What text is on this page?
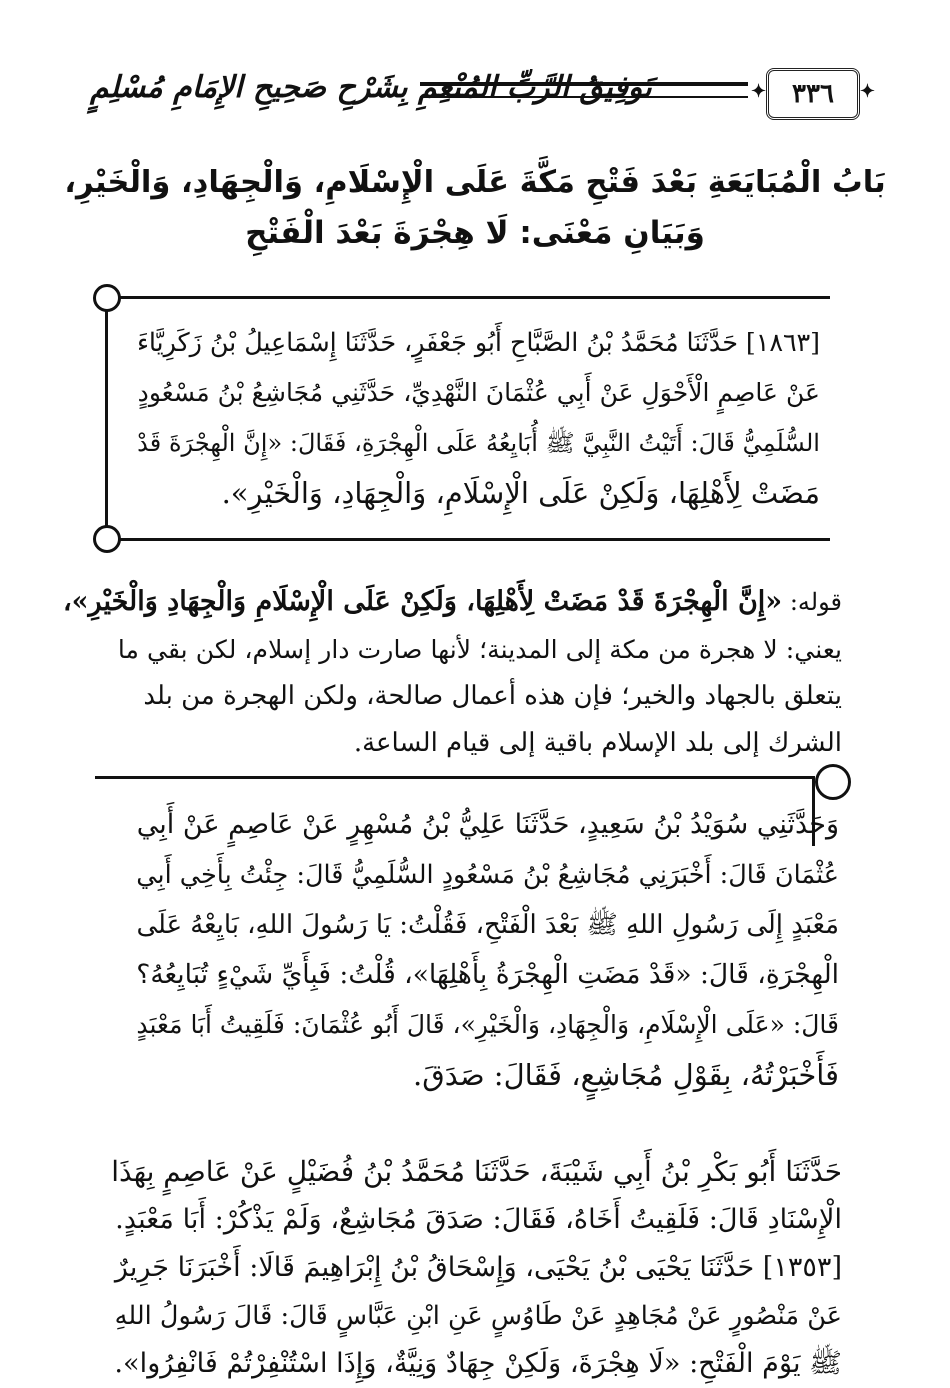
✦ ٣٣٦ ✦
تَوفِيقُ الرَّبِّ المُنْعِمِ بِشَرْحِ صَحِيحِ الإِمَامِ مُسْلِمٍ
بَابُ الْمُبَايَعَةِ بَعْدَ فَتْحِ مَكَّةَ عَلَى الْإِسْلَامِ، وَالْجِهَادِ، وَالْخَيْرِ،
وَبَيَانِ مَعْنَى: لَا هِجْرَةَ بَعْدَ الْفَتْحِ
[١٨٦٣] حَدَّثَنَا مُحَمَّدُ بْنُ الصَّبَّاحِ أَبُو جَعْفَرٍ، حَدَّثَنَا إِسْمَاعِيلُ بْنُ زَكَرِيَّاءَ
عَنْ عَاصِمٍ الْأَحْوَلِ عَنْ أَبِي عُثْمَانَ النَّهْدِيِّ، حَدَّثَنِي مُجَاشِعُ بْنُ مَسْعُودٍ
السُّلَمِيُّ قَالَ: أَتَيْتُ النَّبِيَّ ﷺ أُبَايِعُهُ عَلَى الْهِجْرَةِ، فَقَالَ: «إِنَّ الْهِجْرَةَ قَدْ
مَضَتْ لِأَهْلِهَا، وَلَكِنْ عَلَى الْإِسْلَامِ، وَالْجِهَادِ، وَالْخَيْرِ».
قوله: «إِنَّ الْهِجْرَةَ قَدْ مَضَتْ لِأَهْلِهَا، وَلَكِنْ عَلَى الْإِسْلَامِ وَالْجِهَادِ وَالْخَيْرِ»،
يعني: لا هجرة من مكة إلى المدينة؛ لأنها صارت دار إسلام، لكن بقي ما
يتعلق بالجهاد والخير؛ فإن هذه أعمال صالحة، ولكن الهجرة من بلد
الشرك إلى بلد الإسلام باقية إلى قيام الساعة.
وَحَدَّثَنِي سُوَيْدُ بْنُ سَعِيدٍ، حَدَّثَنَا عَلِيُّ بْنُ مُسْهِرٍ عَنْ عَاصِمٍ عَنْ أَبِي
عُثْمَانَ قَالَ: أَخْبَرَنِي مُجَاشِعُ بْنُ مَسْعُودٍ السُّلَمِيُّ قَالَ: جِئْتُ بِأَخِي أَبِي
مَعْبَدٍ إِلَى رَسُولِ اللهِ ﷺ بَعْدَ الْفَتْحِ، فَقُلْتُ: يَا رَسُولَ اللهِ، بَايِعْهُ عَلَى
الْهِجْرَةِ، قَالَ: «قَدْ مَضَتِ الْهِجْرَةُ بِأَهْلِهَا»، قُلْتُ: فَبِأَيِّ شَيْءٍ تُبَايِعُهُ؟
قَالَ: «عَلَى الْإِسْلَامِ، وَالْجِهَادِ، وَالْخَيْرِ»، قَالَ أَبُو عُثْمَانَ: فَلَقِيتُ أَبَا مَعْبَدٍ
فَأَخْبَرْتُهُ، بِقَوْلِ مُجَاشِعٍ، فَقَالَ: صَدَقَ.
حَدَّثَنَا أَبُو بَكْرِ بْنُ أَبِي شَيْبَةَ، حَدَّثَنَا مُحَمَّدُ بْنُ فُضَيْلٍ عَنْ عَاصِمٍ بِهَذَا
الْإِسْنَادِ قَالَ: فَلَقِيتُ أَخَاهُ، فَقَالَ: صَدَقَ مُجَاشِعٌ، وَلَمْ يَذْكُرْ: أَبَا مَعْبَدٍ.
[١٣٥٣] حَدَّثَنَا يَحْيَى بْنُ يَحْيَى، وَإِسْحَاقُ بْنُ إِبْرَاهِيمَ قَالَا: أَخْبَرَنَا جَرِيرٌ
عَنْ مَنْصُورٍ عَنْ مُجَاهِدٍ عَنْ طَاوُسٍ عَنِ ابْنِ عَبَّاسٍ قَالَ: قَالَ رَسُولُ اللهِ
ﷺ يَوْمَ الْفَتْحِ: «لَا هِجْرَةَ، وَلَكِنْ جِهَادٌ وَنِيَّةٌ، وَإِذَا اسْتُنْفِرْتُمْ فَانْفِرُوا».
